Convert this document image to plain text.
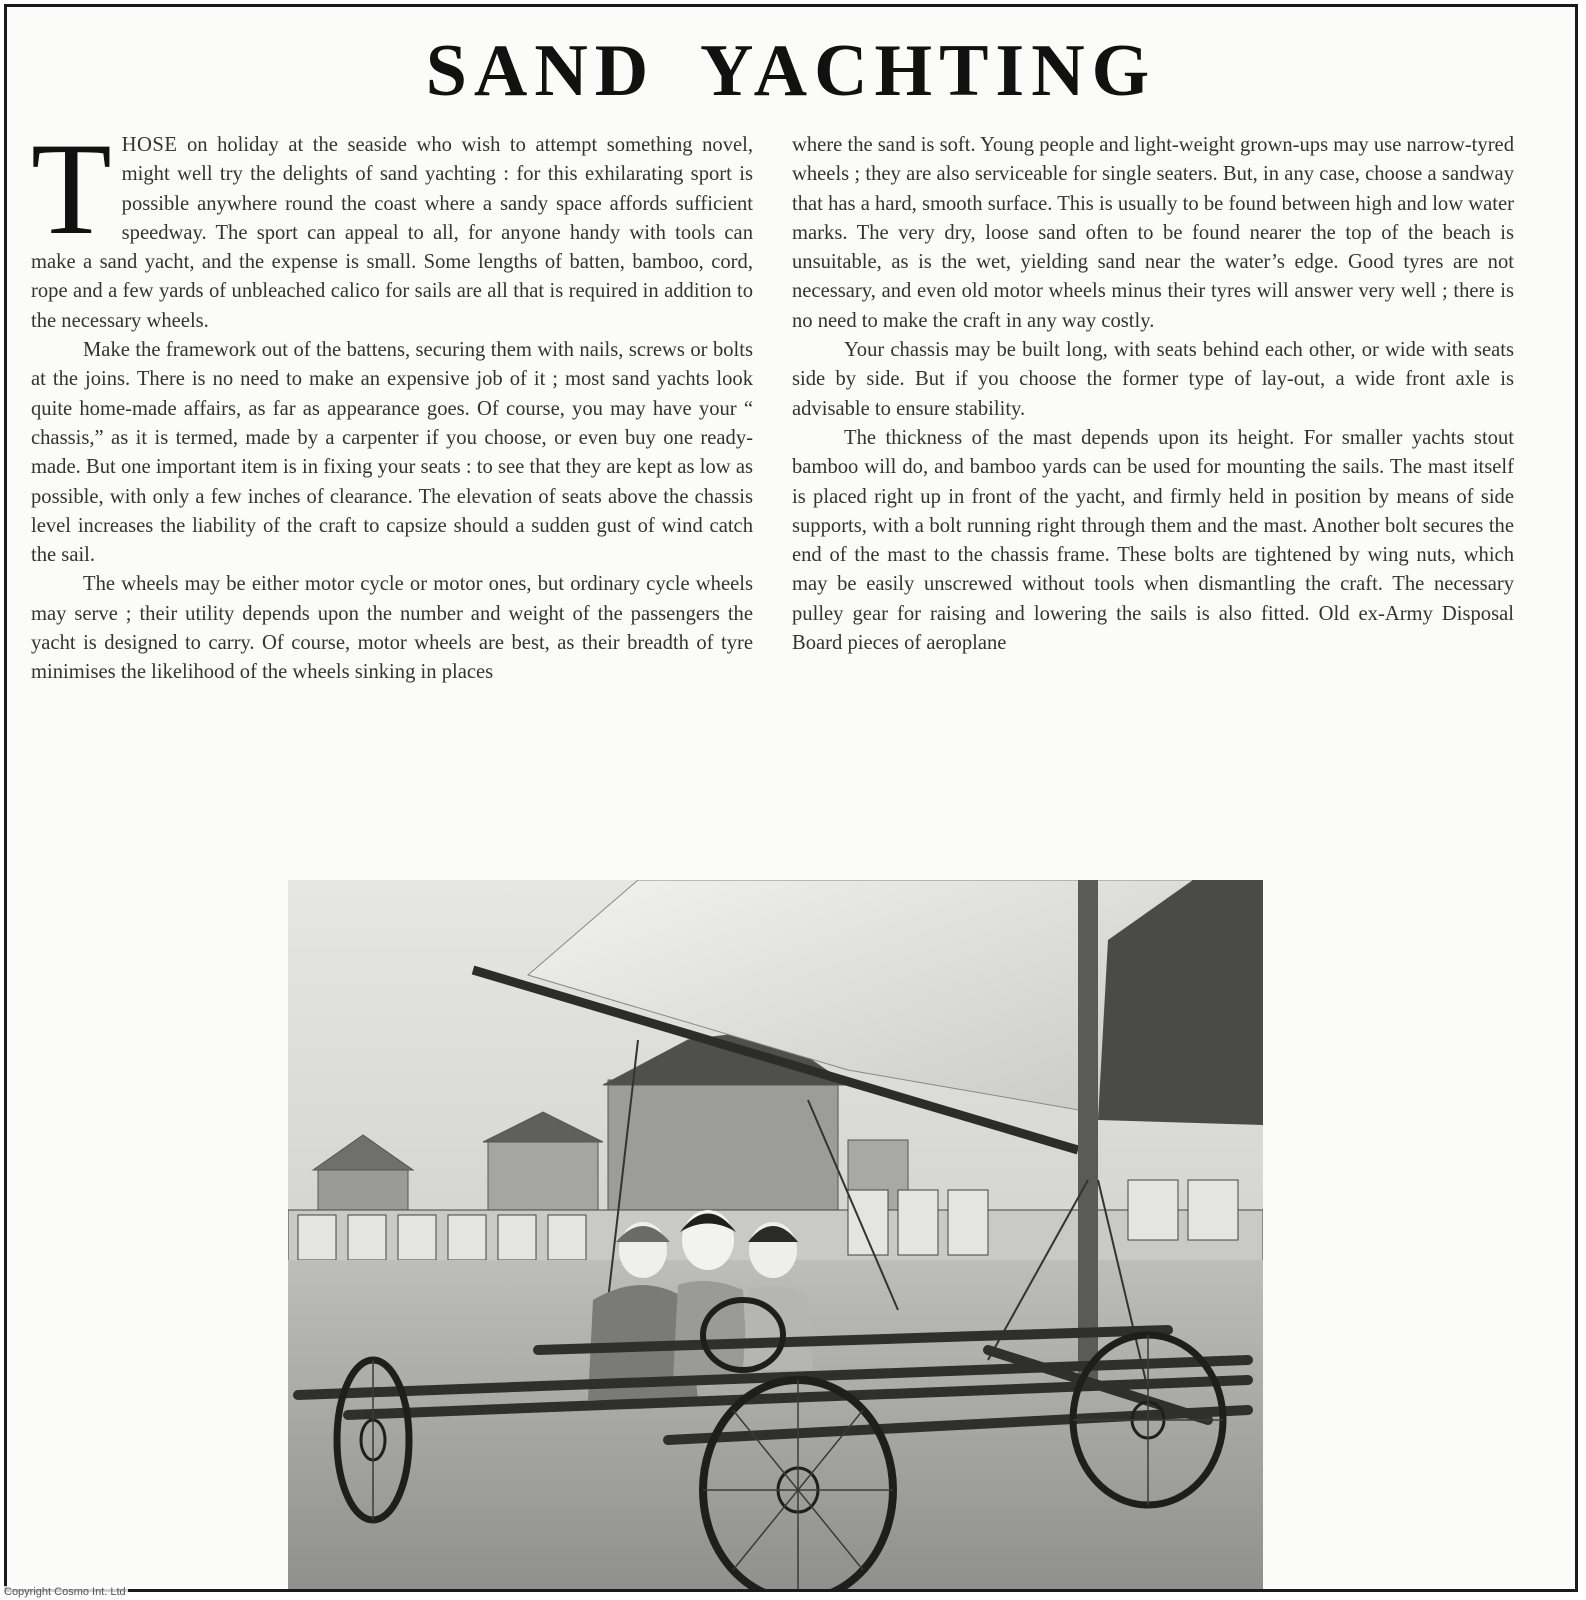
SAND YACHTING

THOSE on holiday at the seaside who wish to attempt something novel, might well try the delights of sand yachting : for this exhilarating sport is possible anywhere round the coast where a sandy space affords sufficient speedway. The sport can appeal to all, for anyone handy with tools can make a sand yacht, and the expense is small. Some lengths of batten, bamboo, cord, rope and a few yards of unbleached calico for sails are all that is required in addition to the necessary wheels.

Make the framework out of the battens, securing them with nails, screws or bolts at the joins. There is no need to make an expensive job of it ; most sand yachts look quite home-made affairs, as far as appearance goes. Of course, you may have your “ chassis,” as it is termed, made by a carpenter if you choose, or even buy one ready-made. But one important item is in fixing your seats : to see that they are kept as low as possible, with only a few inches of clearance. The elevation of seats above the chassis level increases the liability of the craft to capsize should a sudden gust of wind catch the sail.

The wheels may be either motor cycle or motor ones, but ordinary cycle wheels may serve ; their utility depends upon the number and weight of the passengers the yacht is designed to carry. Of course, motor wheels are best, as their breadth of tyre minimises the likelihood of the wheels sinking in places

where the sand is soft. Young people and light-weight grown-ups may use narrow-tyred wheels ; they are also serviceable for single seaters. But, in any case, choose a sandway that has a hard, smooth surface. This is usually to be found between high and low water marks. The very dry, loose sand often to be found nearer the top of the beach is unsuitable, as is the wet, yielding sand near the water’s edge. Good tyres are not necessary, and even old motor wheels minus their tyres will answer very well ; there is no need to make the craft in any way costly.

Your chassis may be built long, with seats behind each other, or wide with seats side by side. But if you choose the former type of lay-out, a wide front axle is advisable to ensure stability.

The thickness of the mast depends upon its height. For smaller yachts stout bamboo will do, and bamboo yards can be used for mounting the sails. The mast itself is placed right up in front of the yacht, and firmly held in position by means of side supports, with a bolt running right through them and the mast. Another bolt secures the end of the mast to the chassis frame. These bolts are tightened by wing nuts, which may be easily unscrewed without tools when dismantling the craft. The necessary pulley gear for raising and lowering the sails is also fitted. Old ex-Army Disposal Board pieces of aeroplane

Copyright Cosmo Int. Ltd
